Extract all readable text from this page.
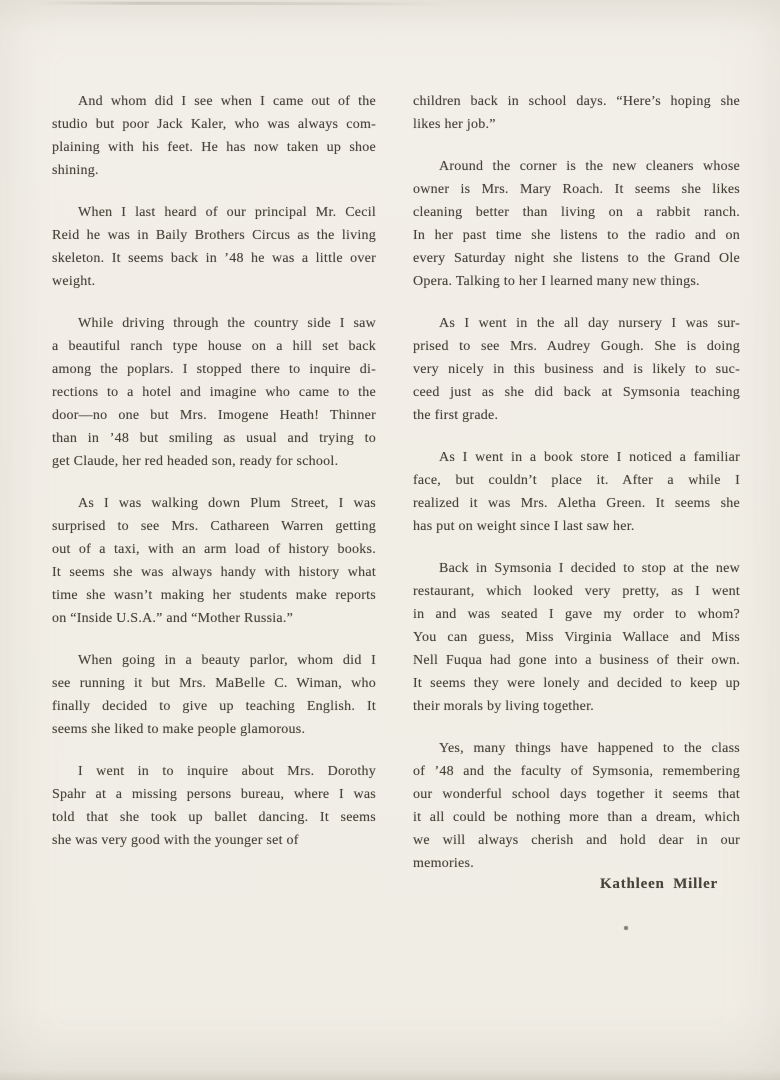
And whom did I see when I came out of the
studio but poor Jack Kaler, who was always com-
plaining with his feet. He has now taken up shoe
shining.
When I last heard of our principal Mr. Cecil
Reid he was in Baily Brothers Circus as the living
skeleton. It seems back in ’48 he was a little over
weight.
While driving through the country side I saw
a beautiful ranch type house on a hill set back
among the poplars. I stopped there to inquire di-
rections to a hotel and imagine who came to the
door—no one but Mrs. Imogene Heath! Thinner
than in ’48 but smiling as usual and trying to
get Claude, her red headed son, ready for school.
As I was walking down Plum Street, I was
surprised to see Mrs. Cathareen Warren getting
out of a taxi, with an arm load of history books.
It seems she was always handy with history what
time she wasn’t making her students make reports
on “Inside U.S.A.” and “Mother Russia.”
When going in a beauty parlor, whom did I
see running it but Mrs. MaBelle C. Wiman, who
finally decided to give up teaching English. It
seems she liked to make people glamorous.
I went in to inquire about Mrs. Dorothy
Spahr at a missing persons bureau, where I was
told that she took up ballet dancing. It seems
she was very good with the younger set of
children back in school days. “Here’s hoping she
likes her job.”
Around the corner is the new cleaners whose
owner is Mrs. Mary Roach. It seems she likes
cleaning better than living on a rabbit ranch.
In her past time she listens to the radio and on
every Saturday night she listens to the Grand Ole
Opera. Talking to her I learned many new things.
As I went in the all day nursery I was sur-
prised to see Mrs. Audrey Gough. She is doing
very nicely in this business and is likely to suc-
ceed just as she did back at Symsonia teaching
the first grade.
As I went in a book store I noticed a familiar
face, but couldn’t place it. After a while I
realized it was Mrs. Aletha Green. It seems she
has put on weight since I last saw her.
Back in Symsonia I decided to stop at the new
restaurant, which looked very pretty, as I went
in and was seated I gave my order to whom?
You can guess, Miss Virginia Wallace and Miss
Nell Fuqua had gone into a business of their own.
It seems they were lonely and decided to keep up
their morals by living together.
Yes, many things have happened to the class
of ’48 and the faculty of Symsonia, remembering
our wonderful school days together it seems that
it all could be nothing more than a dream, which
we will always cherish and hold dear in our
memories.
Kathleen Miller
